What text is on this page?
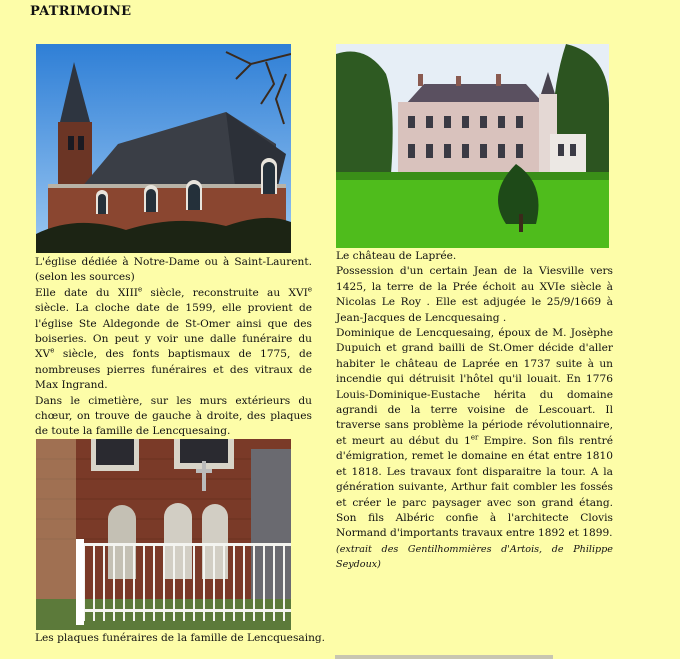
PATRIMOINE

L'église dédiée à Notre-Dame ou à Saint-Laurent. (selon les sources)

Elle date du XIIIe siècle, reconstruite au XVIe siècle. La cloche date de 1599, elle provient de l'église Ste Aldegonde de St-Omer ainsi que des boiseries. On peut y voir une dalle funéraire du XVe siècle, des fonts baptismaux de 1775, de nombreuses pierres funéraires et des vitraux de Max Ingrand.

Dans le cimetière, sur les murs extérieurs du chœur, on trouve de gauche à droite, des plaques de toute la famille de Lencquesaing.

Les plaques funéraires de la famille de Lencquesaing.

Le château de Laprée.

Possession d'un certain Jean de la Viesville vers 1425, la terre de la Prée échoit au XVIe siècle à Nicolas Le Roy . Elle est adjugée le 25/9/1669 à Jean-Jacques de Lencquesaing .

Dominique de Lencquesaing, époux de M. Josèphe Dupuich et grand bailli de St.Omer décide d'aller habiter le château de Laprée en 1737 suite à un incendie qui détruisit l'hôtel qu'il louait. En 1776 Louis-Dominique-Eustache hérita du domaine agrandi de la terre voisine de Lescouart. Il traverse sans problème la période révolutionnaire, et meurt au début du 1er Empire. Son fils rentré d'émigration, remet le domaine en état entre 1810 et 1818. Les travaux font disparaitre la tour. A la génération suivante, Arthur fait combler les fossés et créer le parc paysager avec son grand étang. Son fils Albéric confie à l'architecte Clovis Normand d'importants travaux entre 1892 et 1899.

(extrait des Gentilhommières d'Artois, de Philippe Seydoux)
